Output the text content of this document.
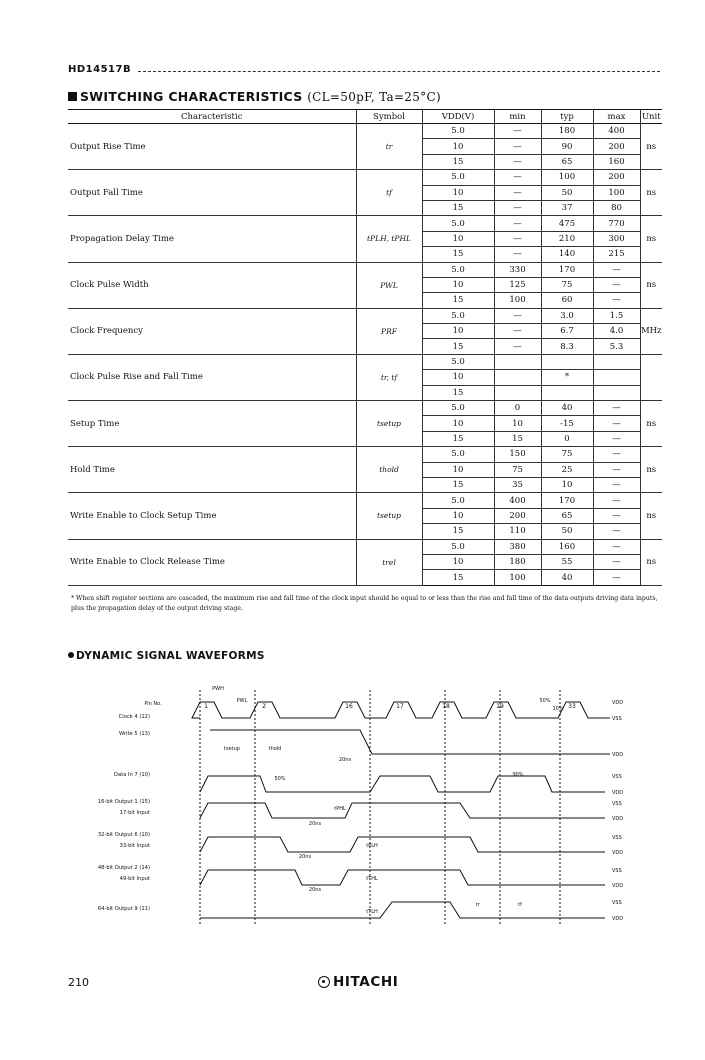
HD14517B
SWITCHING CHARACTERISTICS (CL=50pF, Ta=25°C)
Characteristic	Symbol	VDD(V)	min	typ	max	Unit
Output Rise Time	tr	5.0	—	180	400	ns
		10	—	90	200	
		15	—	65	160	
Output Fall Time	tf	5.0	—	100	200	ns
		10	—	50	100	
		15	—	37	80	
Propagation Delay Time	tPLH, tPHL	5.0	—	475	770	ns
		10	—	210	300	
		15	—	140	215	
Clock Pulse Width	PWL	5.0	330	170	—	ns
		10	125	75	—	
		15	100	60	—	
Clock Frequency	PRF	5.0	—	3.0	1.5	MHz
		10	—	6.7	4.0	
		15	—	8.3	5.3	
Clock Pulse Rise and Fall Time	tr, tf	5.0				
		10		*		
		15				
Setup Time	tsetup	5.0	0	40	—	ns
		10	10	-15	—	
		15	15	0	—	
Hold Time	thold	5.0	150	75	—	ns
		10	75	25	—	
		15	35	10	—	
Write Enable to Clock Setup Time	tsetup	5.0	400	170	—	ns
		10	200	65	—	
		15	110	50	—	
Write Enable to Clock Release Time	trel	5.0	380	160	—	ns
		10	180	55	—	
		15	100	40	—	
* When shift register sections are cascaded, the maximum rise and fall time of the clock input should be equal to or less than the rise and fall time of the data outputs driving data inputs, plus the propagation delay of the output driving stage.
DYNAMIC SIGNAL WAVEFORMS
1	2	16	17	18	19	33
Pin No.
Clock 4 (12)
Write 5 (13)
Data In 7 (10)
16-bit Output 1 (15)
17-bit Input
32-bit Output 6 (10)
33-bit Input
48-bit Output 2 (14)
49-bit Input
64-bit Output 9 (11)
VDD
VSS
VDD
VSS
VDD
VSS
VDD
VSS
VDD
VSS
VDD
VSS
VDD
50%
10%
50%
90%
PWH
PWL
tsetup	thold
20ns
20ns
20ns
20ns
tPHL
tPLH
tTHL
tTLH
tr	tf
210	HITACHI
